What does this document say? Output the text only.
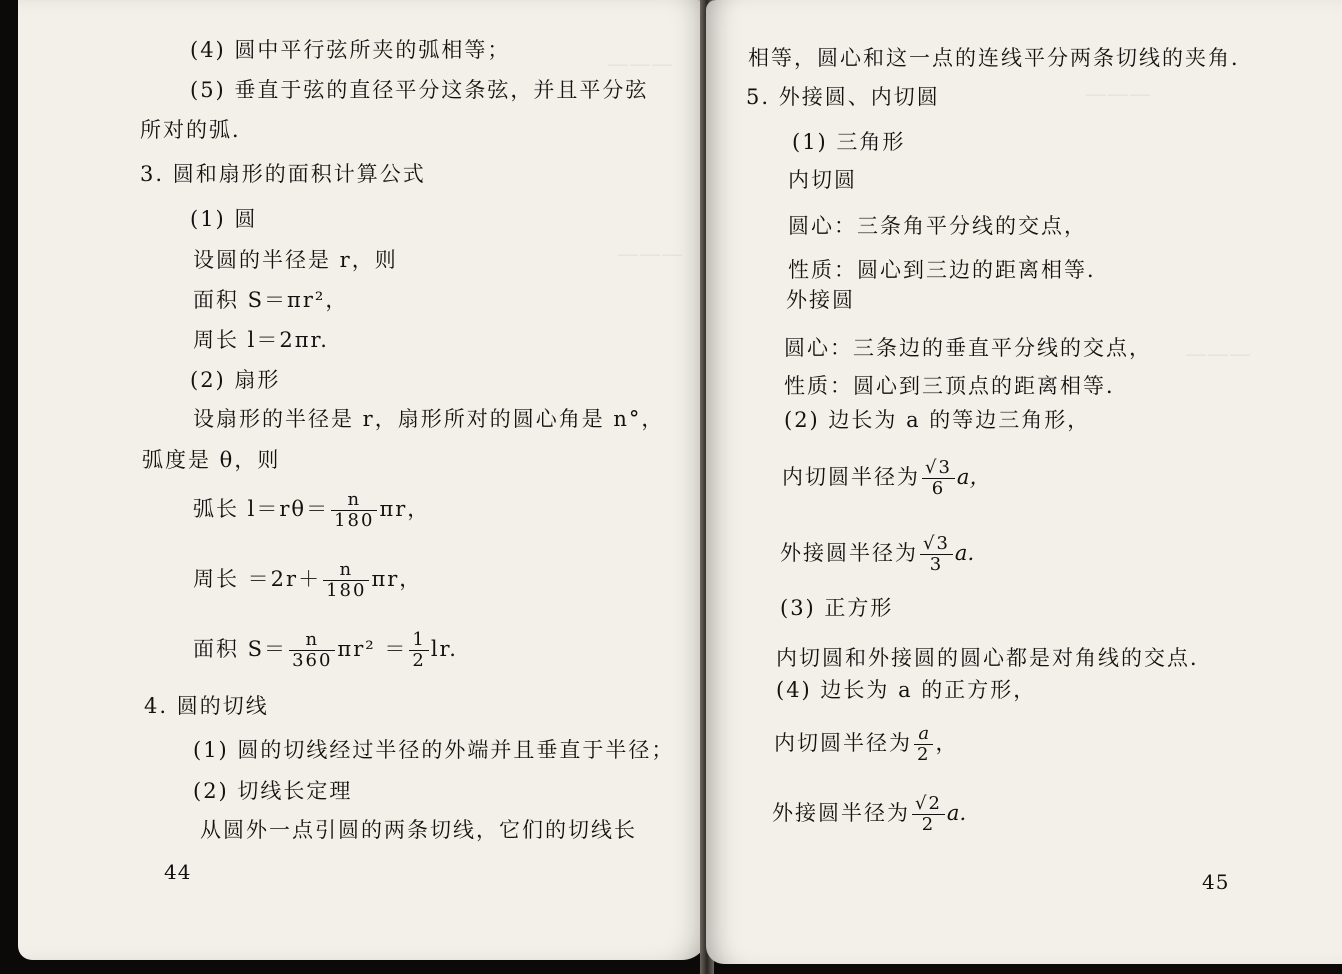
＿＿＿
＿＿＿
(4) 圆中平行弦所夹的弧相等；
(5) 垂直于弦的直径平分这条弦，并且平分弦
所对的弧．
3. 圆和扇形的面积计算公式
(1) 圆
设圆的半径是 r，则
面积 S＝πr²，
周长 l＝2πr.
(2) 扇形
设扇形的半径是 r，扇形所对的圆心角是 n°，
弧度是 θ，则
弧长 $l=r\theta= \frac{n}{180}$ πr，
周长 $=2r+ \frac{n}{180}$ πr，
面积 $S= \frac{n}{360} \pi r^2 = \frac{1}{2}$ lr.
4. 圆的切线
(1) 圆的切线经过半径的外端并且垂直于半径；
(2) 切线长定理
从圆外一点引圆的两条切线，它们的切线长
44
＿＿＿
＿＿＿
相等，圆心和这一点的连线平分两条切线的夹角．
5. 外接圆、内切圆
(1) 三角形
内切圆
圆心：三条角平分线的交点，
性质：圆心到三边的距离相等．
外接圆
圆心：三条边的垂直平分线的交点，
性质：圆心到三顶点的距离相等．
(2) 边长为 a 的等边三角形，
内切圆半径为 $\frac{√3}{6}$ a，
外接圆半径为 $\frac{√3}{3} a$.
(3) 正方形
内切圆和外接圆的圆心都是对角线的交点．
(4) 边长为 a 的正方形，
内切圆半径为 $\frac{a}{2}$ ，
外接圆半径为 $\frac{√2}{2} a$.
45
